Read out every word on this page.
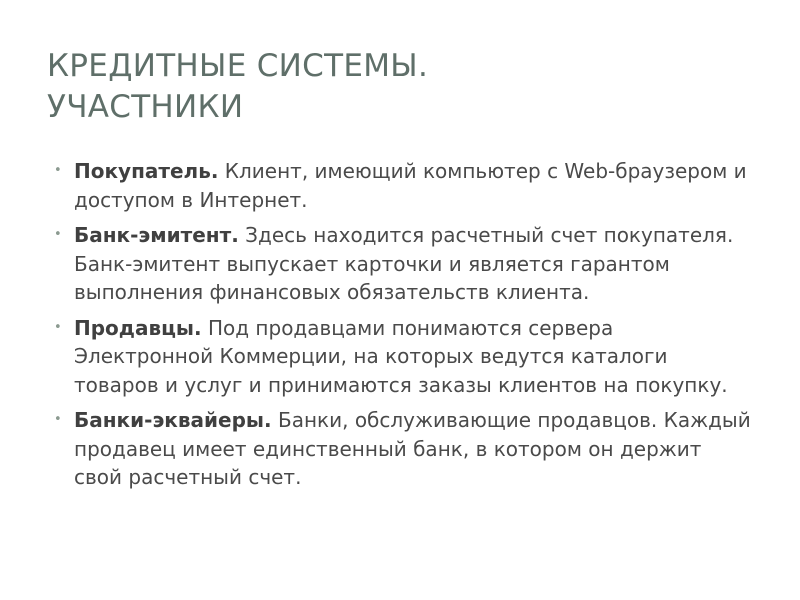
КРЕДИТНЫЕ СИСТЕМЫ.
УЧАСТНИКИ
• Покупатель. Клиент, имеющий компьютер с Web-браузером и доступом в Интернет.
• Банк-эмитент. Здесь находится расчетный счет покупателя. Банк-эмитент выпускает карточки и является гарантом выполнения финансовых обязательств клиента.
• Продавцы. Под продавцами понимаются сервера Электронной Коммерции, на которых ведутся каталоги товаров и услуг и принимаются заказы клиентов на покупку.
• Банки-эквайеры. Банки, обслуживающие продавцов. Каждый продавец имеет единственный банк, в котором он держит свой расчетный счет.
